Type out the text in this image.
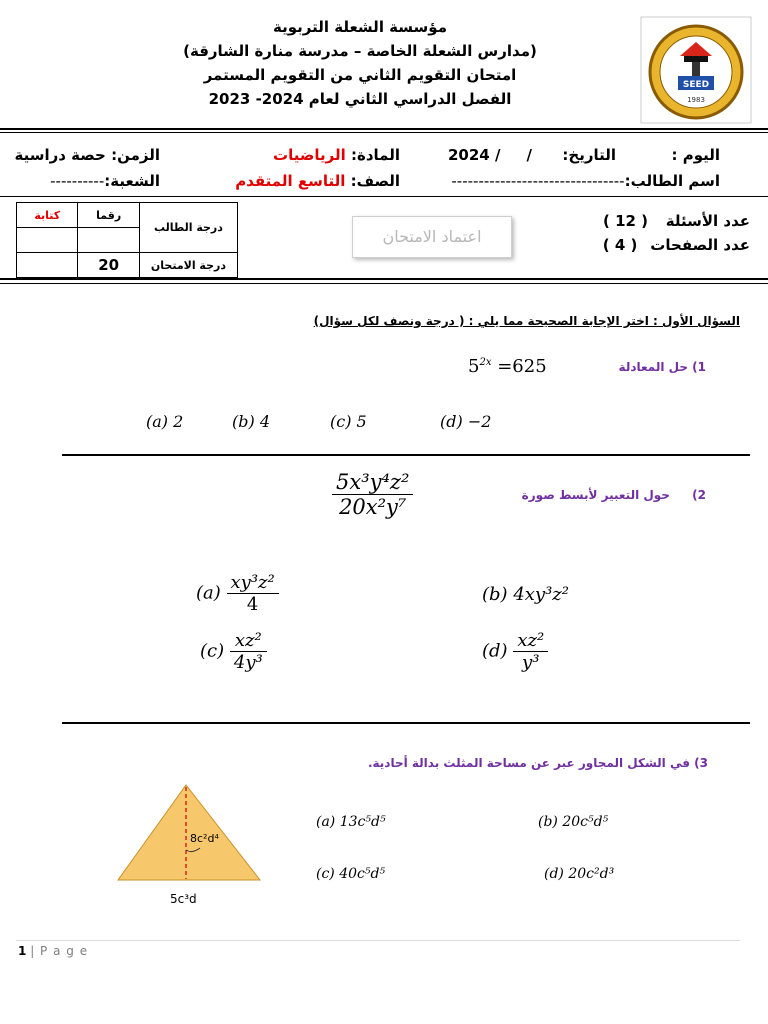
SEED
1983
مؤسسة الشعلة التربوية
(مدارس الشعلة الخاصة – مدرسة منارة الشارقة)
امتحان التقويم الثاني من التقويم المستمر
الفصل الدراسي الثاني لعام 2024- 2023
اليوم :
التاريخ:
2024 /     /
المادة: الرياضيات
الزمن: حصة دراسية
اسم الطالب:--------------------------------
الصف: التاسع المتقدم
الشعبة:----------
كتابة	رقما	درجة الطالب

	20	درجة الامتحان
اعتماد الامتحان
عدد الأسئلة ( 12 )
عدد الصفحات ( 4 )
السؤال الأول : اختر الإجابة الصحيحة مما يلي : ( درجة ونصف لكل سؤال)
1) حل المعادلة
$5^{2x} =625$
(a) 2	(b) 4	(c) 5	(d) −2
2) حول التعبير لأبسط صورة
$\frac{\text{5x³y⁴z²}}{\text{20x²y⁷}}$
$(a) \frac{\text{xy³z²}}{4}$	(b) 4xy³z²
$(c) \frac{\text{xz²}}{\text{4y³}}$	$(d) \frac{\text{xz²}}{\text{y³}}$
3) في الشكل المجاور عبر عن مساحة المثلث بدالة أحادية.
8c²d⁴
5c³d
(a) 13c⁵d⁵	(b) 20c⁵d⁵
(c) 40c⁵d⁵	(d) 20c²d³
1 | P a g e
